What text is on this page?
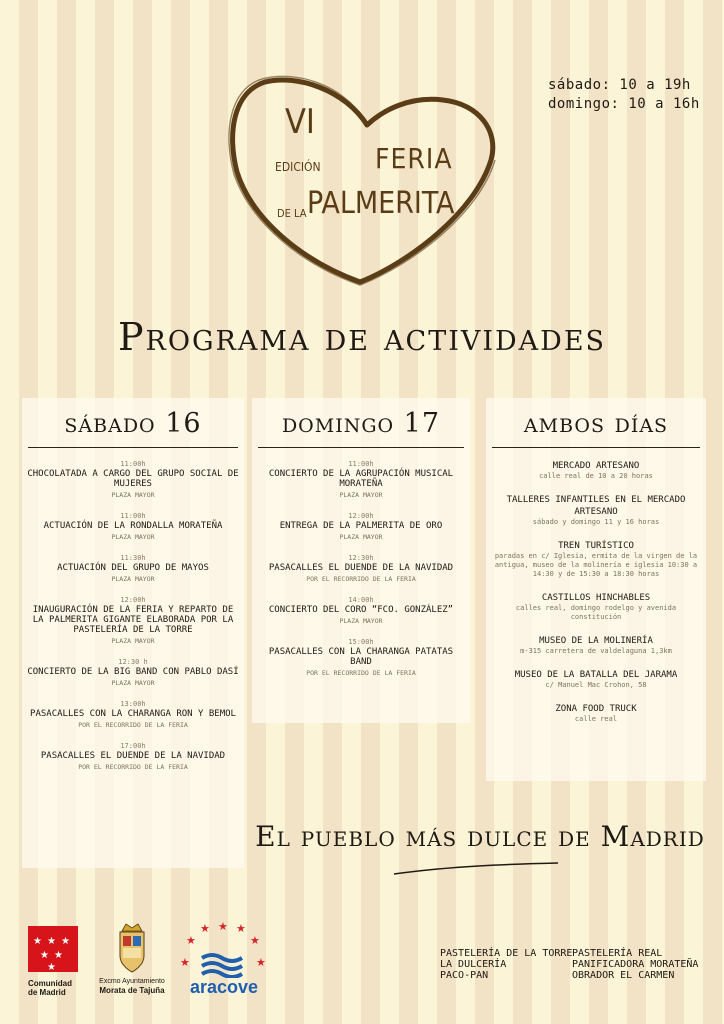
sábado: 10 a 19h
domingo: 10 a 16h
VI
EDICIÓN FERIA
DE LA PALMERITA
Programa de actividades
sábado 16
11:00h
CHOCOLATADA A CARGO DEL GRUPO SOCIAL DE MUJERES
PLAZA MAYOR
11:00h
ACTUACIÓN DE LA RONDALLA MORATEÑA
PLAZA MAYOR
11:30h
ACTUACIÓN DEL GRUPO DE MAYOS
PLAZA MAYOR
12:00h
INAUGURACIÓN DE LA FERIA Y REPARTO DE LA PALMERITA GIGANTE ELABORADA POR LA PASTELERÍA DE LA TORRE
PLAZA MAYOR
12:30 h
CONCIERTO DE LA BIG BAND CON PABLO DASÍ
PLAZA MAYOR
13:00h
PASACALLES CON LA CHARANGA RON Y BEMOL
POR EL RECORRIDO DE LA FERIA
17:00h
PASACALLES EL DUENDE DE LA NAVIDAD
POR EL RECORRIDO DE LA FERIA
domingo 17
11:00h
CONCIERTO DE LA AGRUPACIÓN MUSICAL MORATEÑA
PLAZA MAYOR
12:00h
ENTREGA DE LA PALMERITA DE ORO
PLAZA MAYOR
12:30h
PASACALLES EL DUENDE DE LA NAVIDAD
POR EL RECORRIDO DE LA FERIA
14:00h
CONCIERTO DEL CORO “FCO. GONZÁLEZ”
PLAZA MAYOR
15:00h
PASACALLES CON LA CHARANGA PATATAS BAND
POR EL RECORRIDO DE LA FERIA
ambos días
MERCADO ARTESANO
calle real de 10 a 20 horas
TALLERES INFANTILES EN EL MERCADO ARTESANO
sábado y domingo 11 y 16 horas
TREN TURÍSTICO
paradas en c/ Iglesia, ermita de la virgen de la antigua, museo de la molinería e iglesia 10:30 a 14:30 y de 15:30 a 18:30 horas
CASTILLOS HINCHABLES
calles real, domingo rodelgo y avenida constitución
MUSEO DE LA MOLINERÍA
m-315 carretera de valdelaguna 1,3km
MUSEO DE LA BATALLA DEL JARAMA
c/ Manuel Mac Crohon, 58
ZONA FOOD TRUCK
calle real
El pueblo más dulce de Madrid
★ ★ ★
★ ★
★
Comunidad
de Madrid
Excmo Ayuntamiento
Morata de Tajuña
★
★
★ ★ ★
★
★
aracove
PASTELERÍA DE LA TORRE
LA DULCERÍA
PACO-PAN
PASTELERÍA REAL
PANIFICADORA MORATEÑA
OBRADOR EL CARMEN
